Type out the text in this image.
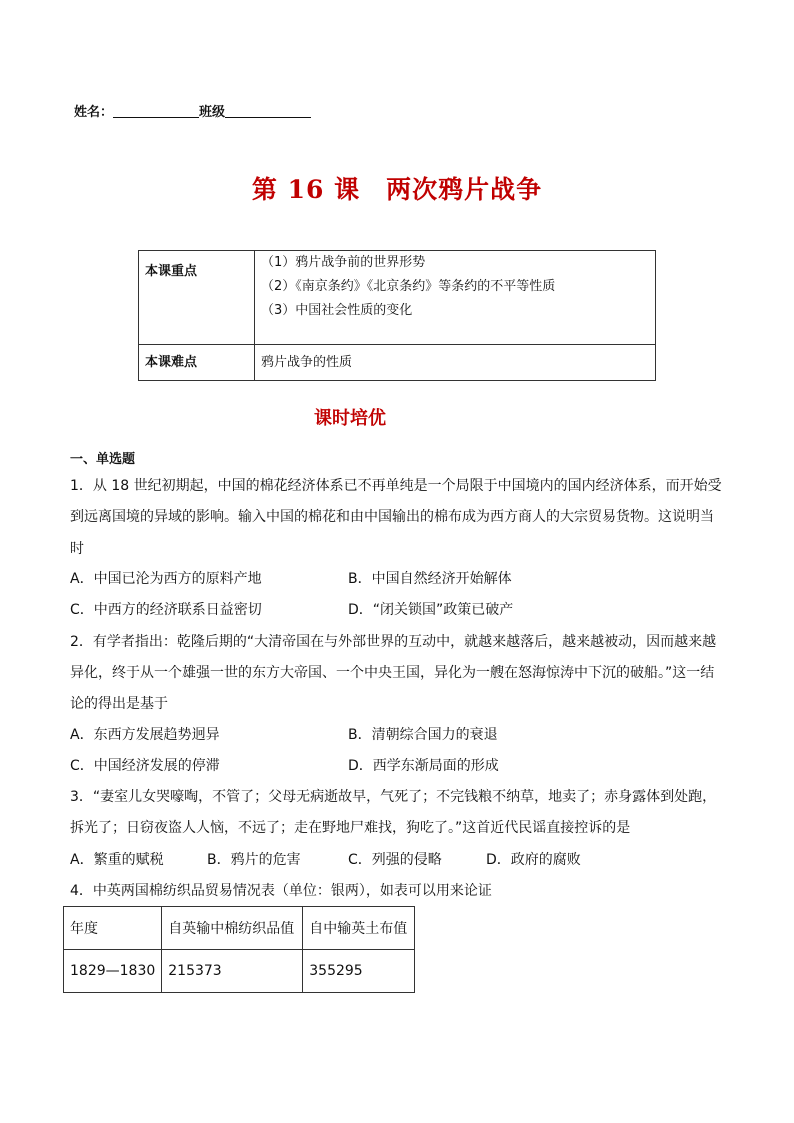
姓名：	班级
第 16 课　两次鸦片战争
本课重点	（1）鸦片战争前的世界形势
（2）《南京条约》《北京条约》等条约的不平等性质
（3）中国社会性质的变化

本课难点	鸦片战争的性质
课时培优
一、单选题
1．从 18 世纪初期起，中国的棉花经济体系已不再单纯是一个局限于中国境内的国内经济体系，而开始受
到远离国境的异域的影响。输入中国的棉花和由中国输出的棉布成为西方商人的大宗贸易货物。这说明当
时
A．中国已沦为西方的原料产地	B．中国自然经济开始解体
C．中西方的经济联系日益密切	D．“闭关锁国”政策已破产
2．有学者指出：乾隆后期的“大清帝国在与外部世界的互动中，就越来越落后，越来越被动，因而越来越
异化，终于从一个雄强一世的东方大帝国、一个中央王国，异化为一艘在怒海惊涛中下沉的破船。”这一结
论的得出是基于
A．东西方发展趋势迥异	B．清朝综合国力的衰退
C．中国经济发展的停滞	D．西学东渐局面的形成
3．“妻室儿女哭嚎啕，不管了；父母无病逝故早，气死了；不完钱粮不纳草，地卖了；赤身露体到处跑，
拆光了；日窃夜盗人人恼，不远了；走在野地尸难找，狗吃了。”这首近代民谣直接控诉的是
A．繁重的赋税	B．鸦片的危害	C．列强的侵略	D．政府的腐败
4．中英两国棉纺织品贸易情况表（单位：银两），如表可以用来论证
年度	自英输中棉纺织品值	自中输英土布值
1829—1830	215373	355295
